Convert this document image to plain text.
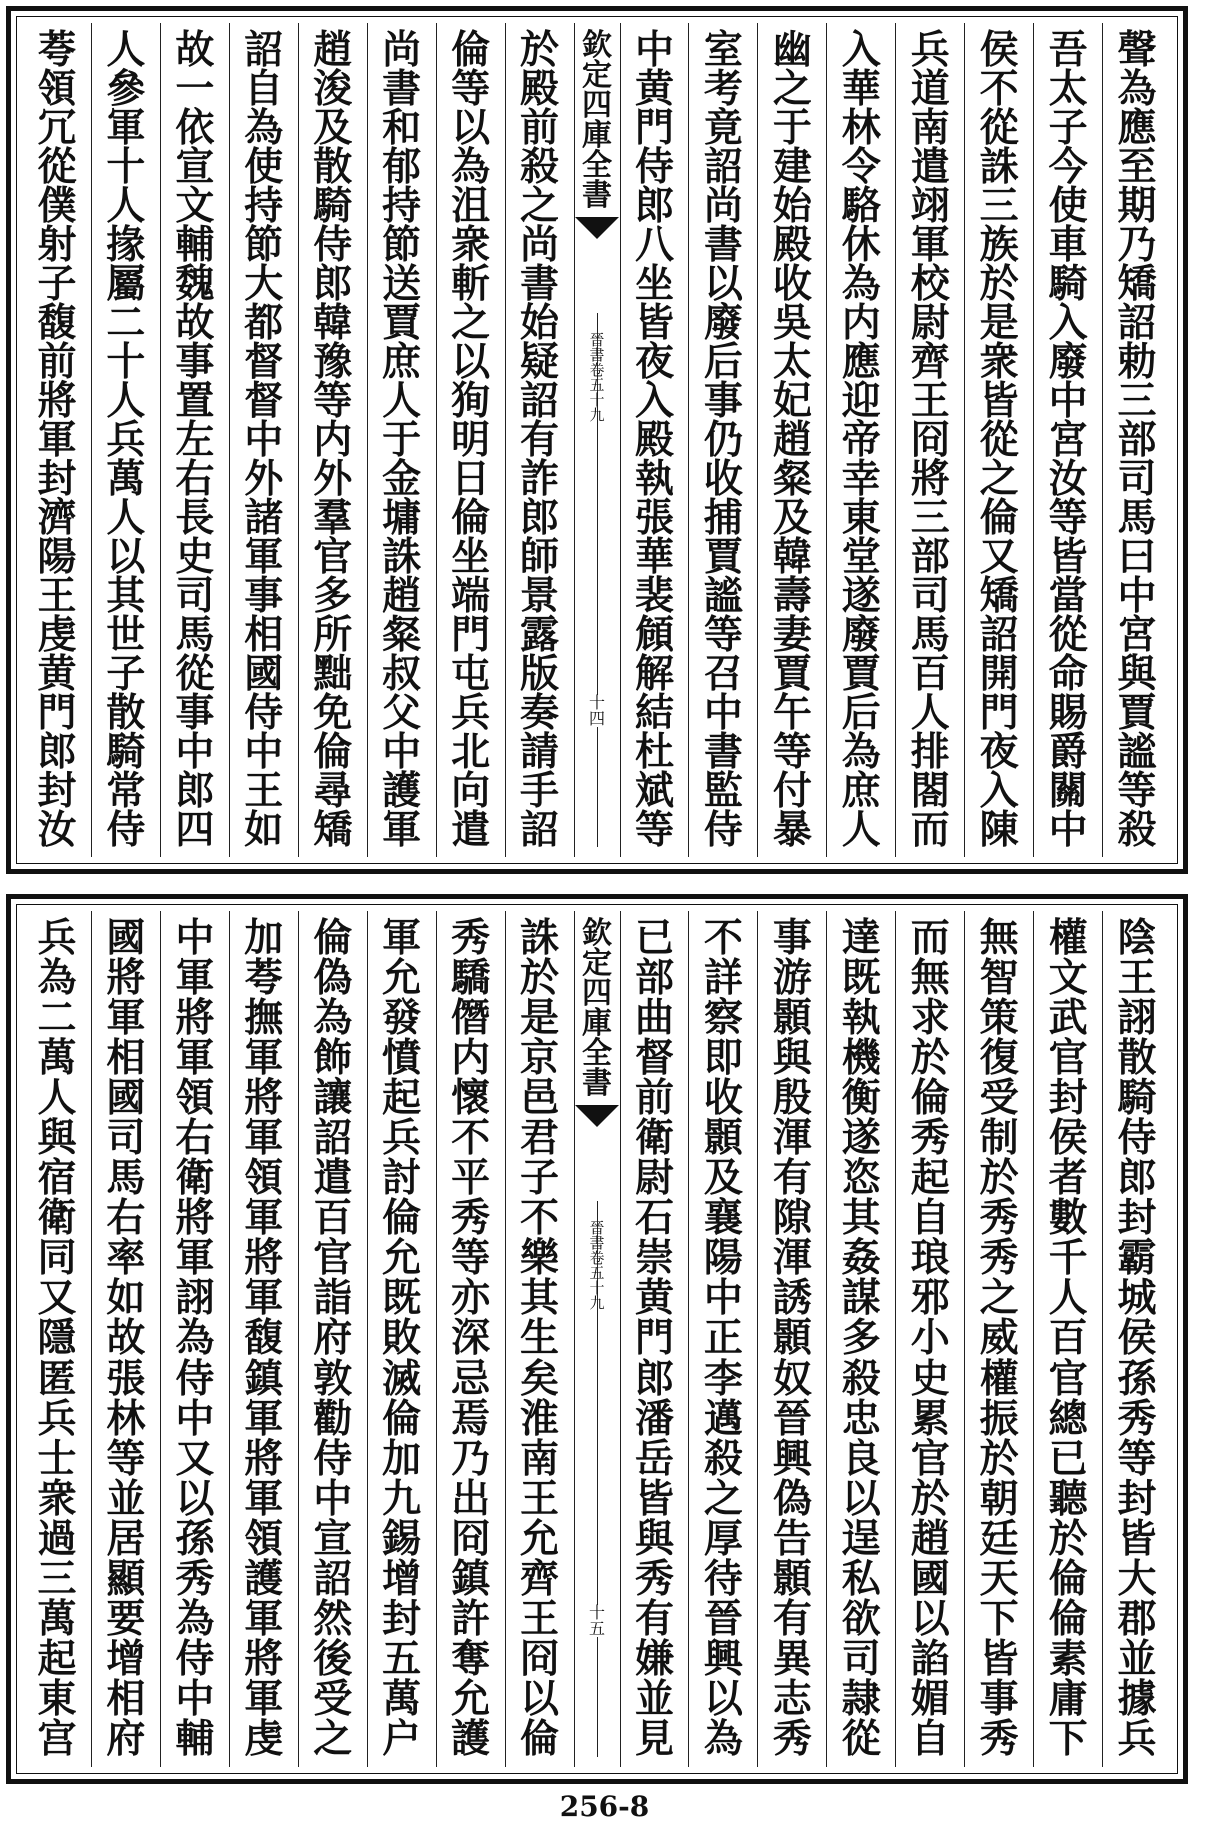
聲
為
應
至
期
乃
矯
詔
勅
三
部
司
馬
曰
中
宮
與
賈
謐
等
殺
吾
太
子
今
使
車
騎
入
廢
中
宮
汝
等
皆
當
從
命
賜
爵
關
中
侯
不
從
誅
三
族
於
是
衆
皆
從
之
倫
又
矯
詔
開
門
夜
入
陳
兵
道
南
遣
翊
軍
校
尉
齊
王
冏
將
三
部
司
馬
百
人
排
閤
而
入
華
林
令
駱
休
為
内
應
迎
帝
幸
東
堂
遂
廢
賈
后
為
庶
人
幽
之
于
建
始
殿
收
吳
太
妃
趙
粲
及
韓
壽
妻
賈
午
等
付
暴
室
考
竟
詔
尚
書
以
廢
后
事
仍
收
捕
賈
謐
等
召
中
書
監
侍
中
黄
門
侍
郎
八
坐
皆
夜
入
殿
執
張
華
裴
頠
解
結
杜
斌
等
欽
定
四
庫
全
書
晉
書
卷
五
十
九
十
四
於
殿
前
殺
之
尚
書
始
疑
詔
有
詐
郎
師
景
露
版
奏
請
手
詔
倫
等
以
為
沮
衆
斬
之
以
狥
明
日
倫
坐
端
門
屯
兵
北
向
遣
尚
書
和
郁
持
節
送
賈
庶
人
于
金
墉
誅
趙
粲
叔
父
中
護
軍
趙
浚
及
散
騎
侍
郎
韓
豫
等
内
外
羣
官
多
所
黜
免
倫
尋
矯
詔
自
為
使
持
節
大
都
督
督
中
外
諸
軍
事
相
國
侍
中
王
如
故
一
依
宣
文
輔
魏
故
事
置
左
右
長
史
司
馬
從
事
中
郎
四
人
參
軍
十
人
掾
屬
二
十
人
兵
萬
人
以
其
世
子
散
騎
常
侍
荂
領
冗
從
僕
射
子
馥
前
將
軍
封
濟
陽
王
虔
黄
門
郎
封
汝
陰
王
詡
散
騎
侍
郎
封
霸
城
侯
孫
秀
等
封
皆
大
郡
並
據
兵
權
文
武
官
封
侯
者
數
千
人
百
官
總
已
聽
於
倫
倫
素
庸
下
無
智
策
復
受
制
於
秀
秀
之
威
權
振
於
朝
廷
天
下
皆
事
秀
而
無
求
於
倫
秀
起
自
琅
邪
小
史
累
官
於
趙
國
以
諂
媚
自
達
既
執
機
衡
遂
恣
其
姦
謀
多
殺
忠
良
以
逞
私
欲
司
隷
從
事
游
顥
與
殷
渾
有
隙
渾
誘
顥
奴
晉
興
偽
告
顥
有
異
志
秀
不
詳
察
即
收
顥
及
襄
陽
中
正
李
邁
殺
之
厚
待
晉
興
以
為
已
部
曲
督
前
衛
尉
石
崇
黄
門
郎
潘
岳
皆
與
秀
有
嫌
並
見
欽
定
四
庫
全
書
晉
書
卷
五
十
九
十
五
誅
於
是
京
邑
君
子
不
樂
其
生
矣
淮
南
王
允
齊
王
冏
以
倫
秀
驕
僭
内
懷
不
平
秀
等
亦
深
忌
焉
乃
出
冏
鎮
許
奪
允
護
軍
允
發
憤
起
兵
討
倫
允
既
敗
滅
倫
加
九
錫
增
封
五
萬
户
倫
偽
為
飾
讓
詔
遣
百
官
詣
府
敦
勸
侍
中
宣
詔
然
後
受
之
加
荂
撫
軍
將
軍
領
軍
將
軍
馥
鎮
軍
將
軍
領
護
軍
將
軍
虔
中
軍
將
軍
領
右
衛
將
軍
詡
為
侍
中
又
以
孫
秀
為
侍
中
輔
國
將
軍
相
國
司
馬
右
率
如
故
張
林
等
並
居
顯
要
增
相
府
兵
為
二
萬
人
與
宿
衛
同
又
隱
匿
兵
士
衆
過
三
萬
起
東
宫
256-8
